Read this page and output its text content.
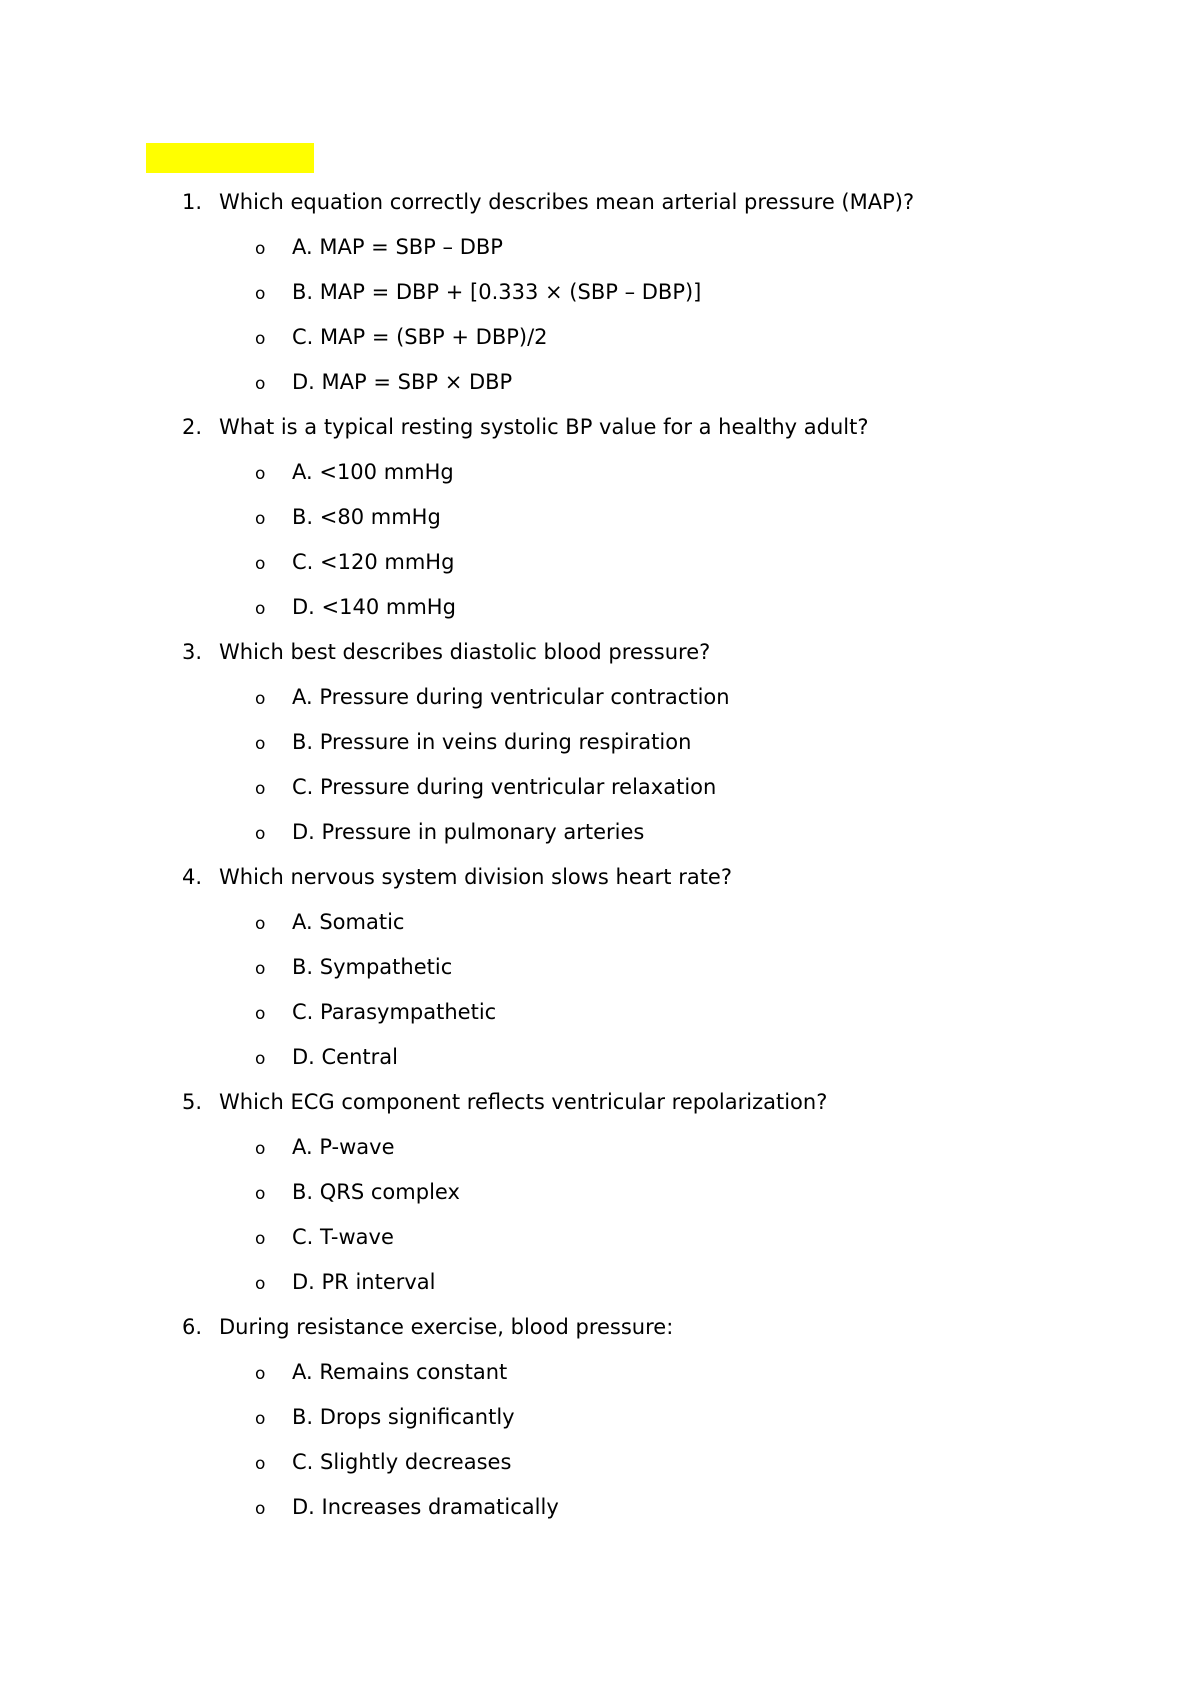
1. Which equation correctly describes mean arterial pressure (MAP)?
o A. MAP = SBP – DBP
o B. MAP = DBP + [0.333 × (SBP – DBP)]
o C. MAP = (SBP + DBP)/2
o D. MAP = SBP × DBP
2. What is a typical resting systolic BP value for a healthy adult?
o A. <100 mmHg
o B. <80 mmHg
o C. <120 mmHg
o D. <140 mmHg
3. Which best describes diastolic blood pressure?
o A. Pressure during ventricular contraction
o B. Pressure in veins during respiration
o C. Pressure during ventricular relaxation
o D. Pressure in pulmonary arteries
4. Which nervous system division slows heart rate?
o A. Somatic
o B. Sympathetic
o C. Parasympathetic
o D. Central
5. Which ECG component reflects ventricular repolarization?
o A. P-wave
o B. QRS complex
o C. T-wave
o D. PR interval
6. During resistance exercise, blood pressure:
o A. Remains constant
o B. Drops significantly
o C. Slightly decreases
o D. Increases dramatically
